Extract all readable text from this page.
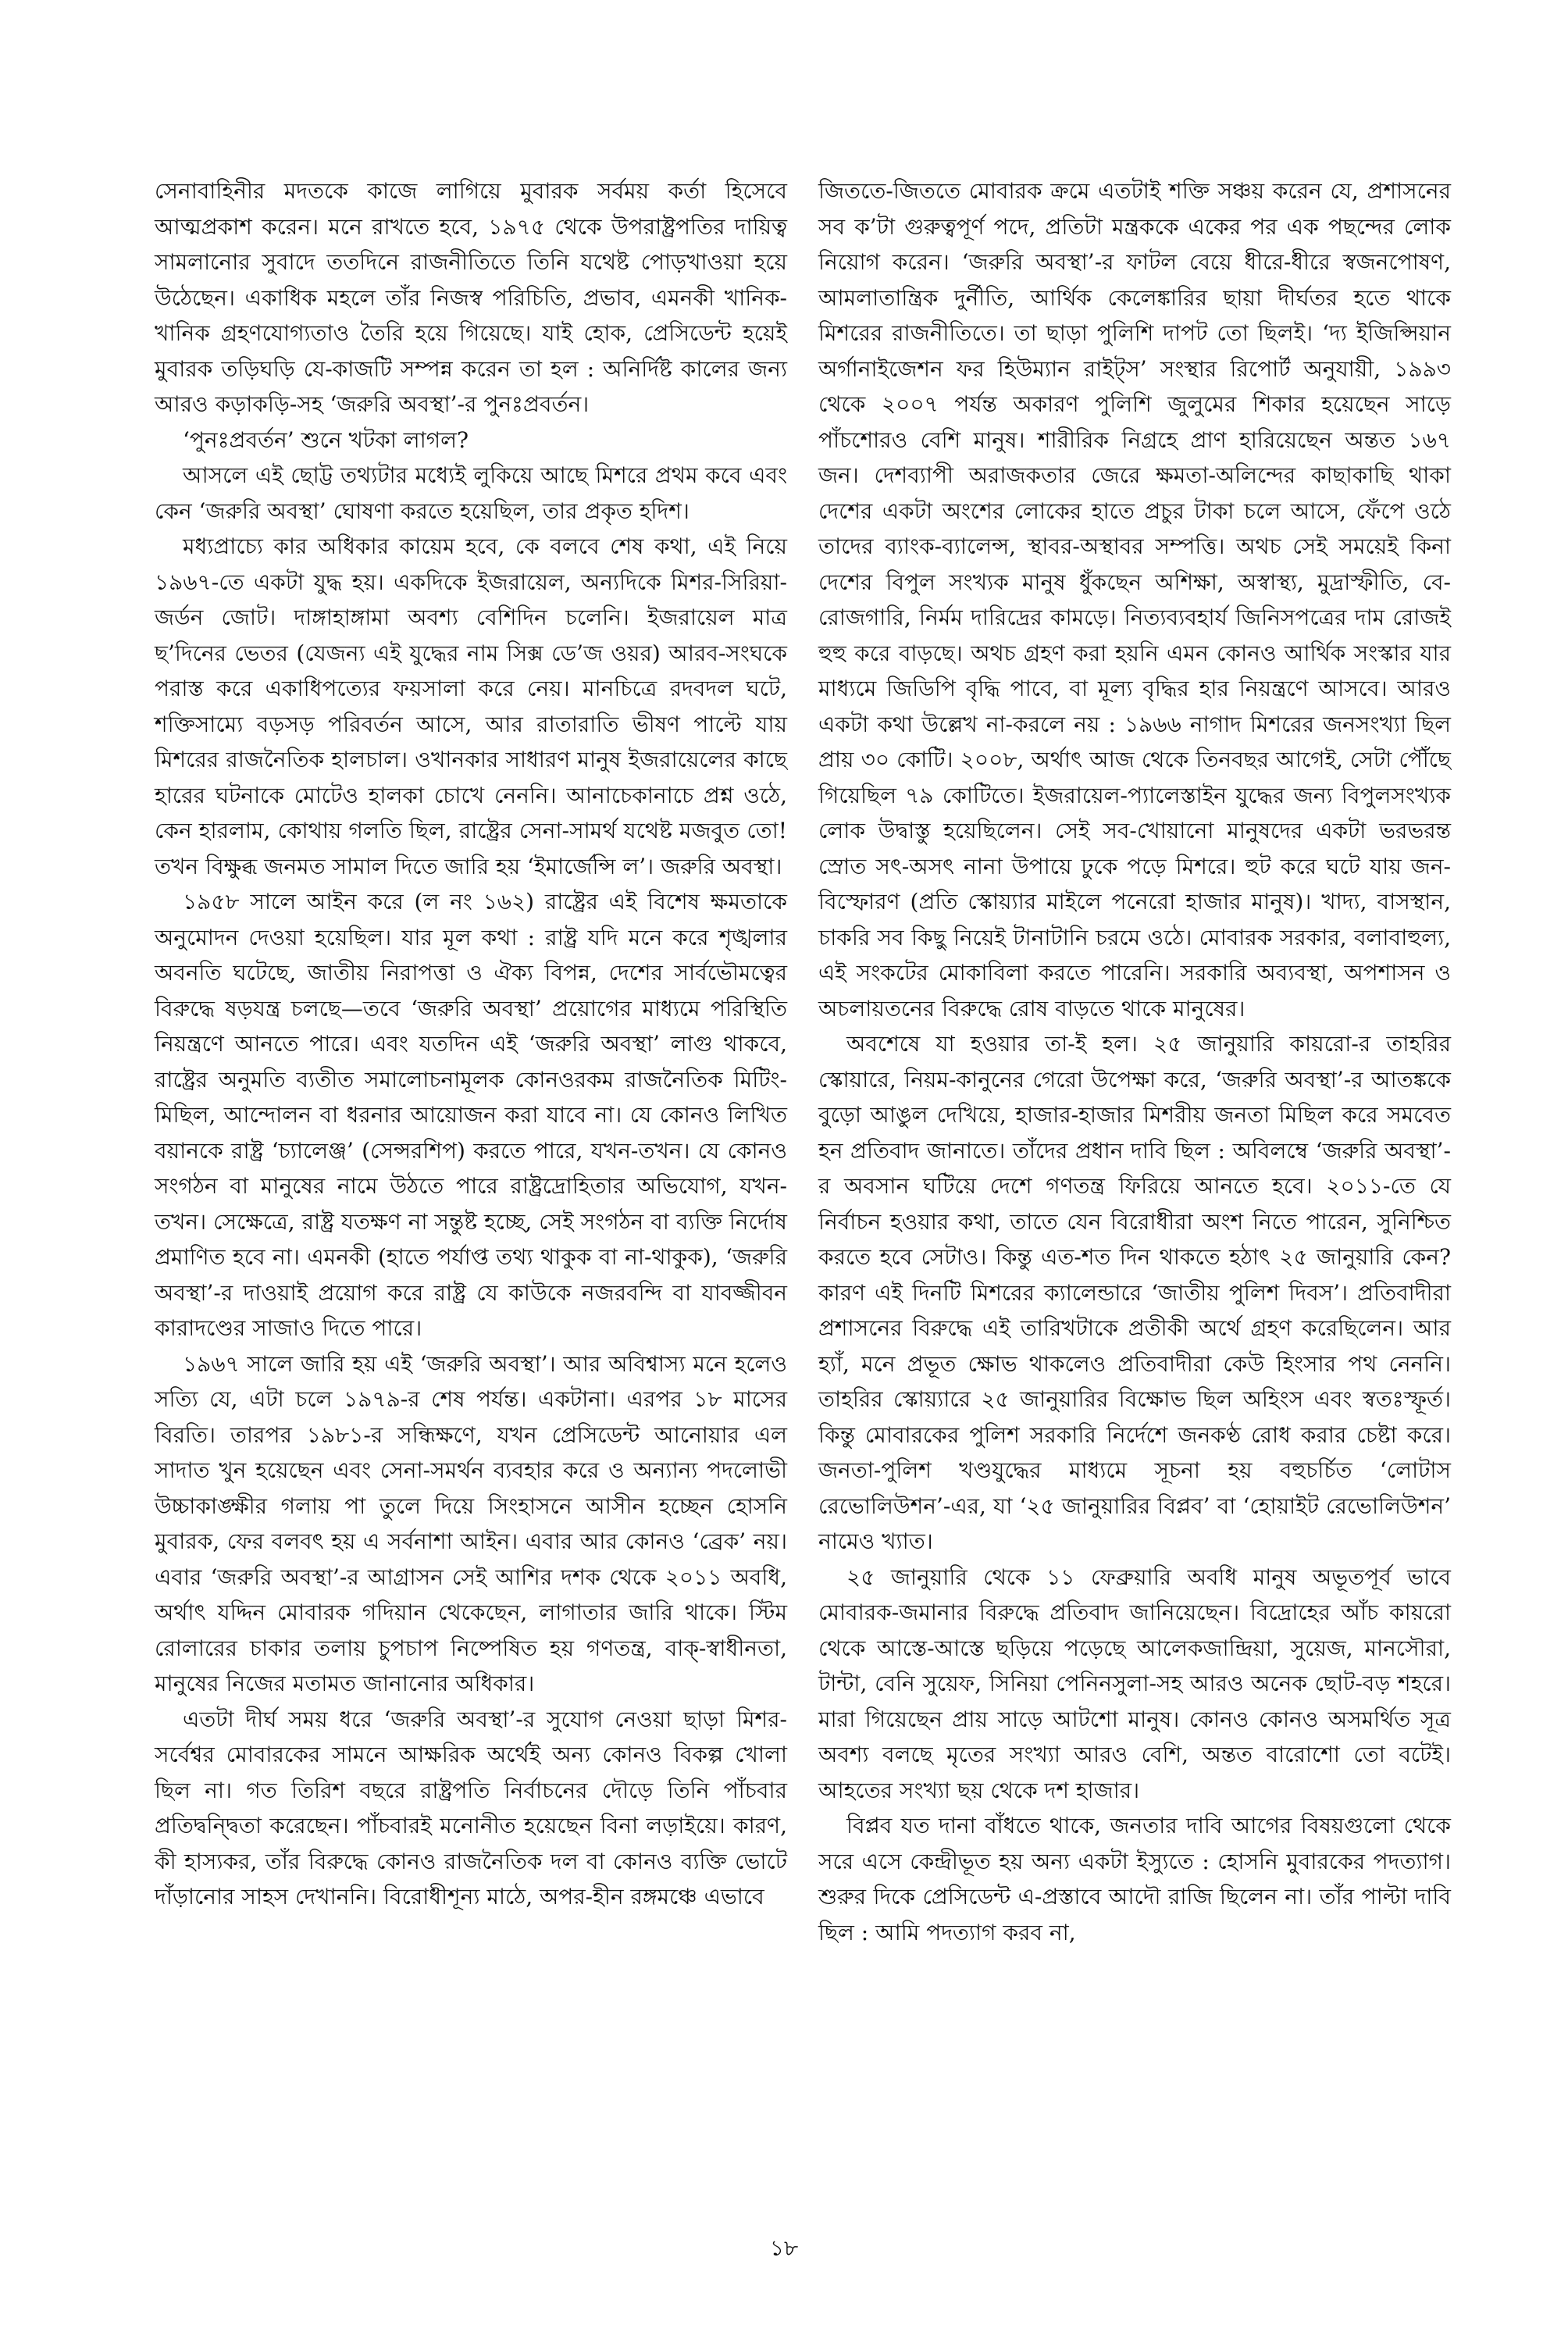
সেনাবাহিনীর মদতকে কাজে লাগিয়ে মুবারক সর্বময় কর্তা হিসেবে আত্মপ্রকাশ করেন। মনে রাখতে হবে, ১৯৭৫ থেকে উপরাষ্ট্রপতির দায়িত্ব সামলানোর সুবাদে ততদিনে রাজনীতিতে তিনি যথেষ্ট পোড়খাওয়া হয়ে উঠেছেন। একাধিক মহলে তাঁর নিজস্ব পরিচিতি, প্রভাব, এমনকী খানিক-খানিক গ্রহণযোগ্যতাও তৈরি হয়ে গিয়েছে। যাই হোক, প্রেসিডেন্ট হয়েই মুবারক তড়িঘড়ি যে-কাজটি সম্পন্ন করেন তা হল : অনির্দিষ্ট কালের জন্য আরও কড়াকড়ি-সহ ‘জরুরি অবস্থা’-র পুনঃপ্রবর্তন।

‘পুনঃপ্রবর্তন’ শুনে খটকা লাগল?

আসলে এই ছোট্ট তথ্যটার মধ্যেই লুকিয়ে আছে মিশরে প্রথম কবে এবং কেন ‘জরুরি অবস্থা’ ঘোষণা করতে হয়েছিল, তার প্রকৃত হদিশ।

মধ্যপ্রাচ্যে কার অধিকার কায়েম হবে, কে বলবে শেষ কথা, এই নিয়ে ১৯৬৭-তে একটা যুদ্ধ হয়। একদিকে ইজরায়েল, অন্যদিকে মিশর-সিরিয়া-জর্ডন জোট। দাঙ্গাহাঙ্গামা অবশ্য বেশিদিন চলেনি। ইজরায়েল মাত্র ছ’দিনের ভেতর (যেজন্য এই যুদ্ধের নাম সিক্স ডে’জ ওয়র) আরব-সংঘকে পরাস্ত করে একাধিপত্যের ফয়সালা করে নেয়। মানচিত্রে রদবদল ঘটে, শক্তিসাম্যে বড়সড় পরিবর্তন আসে, আর রাতারাতি ভীষণ পাল্টে যায় মিশরের রাজনৈতিক হালচাল। ওখানকার সাধারণ মানুষ ইজরায়েলের কাছে হারের ঘটনাকে মোটেও হালকা চোখে নেননি। আনাচেকানাচে প্রশ্ন ওঠে, কেন হারলাম, কোথায় গলতি ছিল, রাষ্ট্রের সেনা-সামর্থ যথেষ্ট মজবুত তো! তখন বিক্ষুব্ধ জনমত সামাল দিতে জারি হয় ‘ইমার্জেন্সি ল’। জরুরি অবস্থা।

১৯৫৮ সালে আইন করে (ল নং ১৬২) রাষ্ট্রের এই বিশেষ ক্ষমতাকে অনুমোদন দেওয়া হয়েছিল। যার মূল কথা : রাষ্ট্র যদি মনে করে শৃঙ্খলার অবনতি ঘটেছে, জাতীয় নিরাপত্তা ও ঐক্য বিপন্ন, দেশের সার্বভৌমত্বের বিরুদ্ধে ষড়যন্ত্র চলছে—তবে ‘জরুরি অবস্থা’ প্রয়োগের মাধ্যমে পরিস্থিতি নিয়ন্ত্রণে আনতে পারে। এবং যতদিন এই ‘জরুরি অবস্থা’ লাগু থাকবে, রাষ্ট্রের অনুমতি ব্যতীত সমালোচনামূলক কোনওরকম রাজনৈতিক মিটিং-মিছিল, আন্দোলন বা ধরনার আয়োজন করা যাবে না। যে কোনও লিখিত বয়ানকে রাষ্ট্র ‘চ্যালেঞ্জ’ (সেন্সরশিপ) করতে পারে, যখন-তখন। যে কোনও সংগঠন বা মানুষের নামে উঠতে পারে রাষ্ট্রদ্রোহিতার অভিযোগ, যখন-তখন। সেক্ষেত্রে, রাষ্ট্র যতক্ষণ না সন্তুষ্ট হচ্ছে, সেই সংগঠন বা ব্যক্তি নির্দোষ প্রমাণিত হবে না। এমনকী (হাতে পর্যাপ্ত তথ্য থাকুক বা না-থাকুক), ‘জরুরি অবস্থা’-র দাওয়াই প্রয়োগ করে রাষ্ট্র যে কাউকে নজরবন্দি বা যাবজ্জীবন কারাদণ্ডের সাজাও দিতে পারে।

১৯৬৭ সালে জারি হয় এই ‘জরুরি অবস্থা’। আর অবিশ্বাস্য মনে হলেও সত্যি যে, এটা চলে ১৯৭৯-র শেষ পর্যন্ত। একটানা। এরপর ১৮ মাসের বিরতি। তারপর ১৯৮১-র সন্ধিক্ষণে, যখন প্রেসিডেন্ট আনোয়ার এল সাদাত খুন হয়েছেন এবং সেনা-সমর্থন ব্যবহার করে ও অন্যান্য পদলোভী উচ্চাকাঙ্ক্ষীর গলায় পা তুলে দিয়ে সিংহাসনে আসীন হচ্ছেন হোসনি মুবারক, ফের বলবৎ হয় এ সর্বনাশা আইন। এবার আর কোনও ‘ব্রেক’ নয়। এবার ‘জরুরি অবস্থা’-র আগ্রাসন সেই আশির দশক থেকে ২০১১ অবধি, অর্থাৎ যদ্দিন মোবারক গদিয়ান থেকেছেন, লাগাতার জারি থাকে। স্টিম রোলারের চাকার তলায় চুপচাপ নিষ্পেষিত হয় গণতন্ত্র, বাক্-স্বাধীনতা, মানুষের নিজের মতামত জানানোর অধিকার।

এতটা দীর্ঘ সময় ধরে ‘জরুরি অবস্থা’-র সুযোগ নেওয়া ছাড়া মিশর-সর্বেশ্বর মোবারকের সামনে আক্ষরিক অর্থেই অন্য কোনও বিকল্প খোলা ছিল না। গত তিরিশ বছরে রাষ্ট্রপতি নির্বাচনের দৌড়ে তিনি পাঁচবার প্রতিদ্বন্দ্বিতা করেছেন। পাঁচবারই মনোনীত হয়েছেন বিনা লড়াইয়ে। কারণ, কী হাস্যকর, তাঁর বিরুদ্ধে কোনও রাজনৈতিক দল বা কোনও ব্যক্তি ভোটে দাঁড়ানোর সাহস দেখাননি। বিরোধীশূন্য মাঠে, অপর-হীন রঙ্গমঞ্চে এভাবে

জিততে-জিততে মোবারক ক্রমে এতটাই শক্তি সঞ্চয় করেন যে, প্রশাসনের সব ক’টা গুরুত্বপূর্ণ পদে, প্রতিটা মন্ত্রককে একের পর এক পছন্দের লোক নিয়োগ করেন। ‘জরুরি অবস্থা’-র ফাটল বেয়ে ধীরে-ধীরে স্বজনপোষণ, আমলাতান্ত্রিক দুর্নীতি, আর্থিক কেলেঙ্কারির ছায়া দীর্ঘতর হতে থাকে মিশরের রাজনীতিতে। তা ছাড়া পুলিশি দাপট তো ছিলই। ‘দ্য ইজিপ্সিয়ান অর্গানাইজেশন ফর হিউম্যান রাইট্স’ সংস্থার রিপোর্ট অনুযায়ী, ১৯৯৩ থেকে ২০০৭ পর্যন্ত অকারণ পুলিশি জুলুমের শিকার হয়েছেন সাড়ে পাঁচশোরও বেশি মানুষ। শারীরিক নিগ্রহে প্রাণ হারিয়েছেন অন্তত ১৬৭ জন। দেশব্যাপী অরাজকতার জেরে ক্ষমতা-অলিন্দের কাছাকাছি থাকা দেশের একটা অংশের লোকের হাতে প্রচুর টাকা চলে আসে, ফেঁপে ওঠে তাদের ব্যাংক-ব্যালেন্স, স্থাবর-অস্থাবর সম্পত্তি। অথচ সেই সময়েই কিনা দেশের বিপুল সংখ্যক মানুষ ধুঁকছেন অশিক্ষা, অস্বাস্থ্য, মুদ্রাস্ফীতি, বে-রোজগারি, নির্মম দারিদ্রের কামড়ে। নিত্যব্যবহার্য জিনিসপত্রের দাম রোজই হুহু করে বাড়ছে। অথচ গ্রহণ করা হয়নি এমন কোনও আর্থিক সংস্কার যার মাধ্যমে জিডিপি বৃদ্ধি পাবে, বা মূল্য বৃদ্ধির হার নিয়ন্ত্রণে আসবে। আরও একটা কথা উল্লেখ না-করলে নয় : ১৯৬৬ নাগাদ মিশরের জনসংখ্যা ছিল প্রায় ৩০ কোটি। ২০০৮, অর্থাৎ আজ থেকে তিনবছর আগেই, সেটা পৌঁছে গিয়েছিল ৭৯ কোটিতে। ইজরায়েল-প্যালেস্তাইন যুদ্ধের জন্য বিপুলসংখ্যক লোক উদ্বাস্তু হয়েছিলেন। সেই সব-খোয়ানো মানুষদের একটা ভরভরন্ত স্রোত সৎ-অসৎ নানা উপায়ে ঢুকে পড়ে মিশরে। হুট করে ঘটে যায় জন-বিস্ফোরণ (প্রতি স্কোয়্যার মাইলে পনেরো হাজার মানুষ)। খাদ্য, বাসস্থান, চাকরি সব কিছু নিয়েই টানাটানি চরমে ওঠে। মোবারক সরকার, বলাবাহুল্য, এই সংকটের মোকাবিলা করতে পারেনি। সরকারি অব্যবস্থা, অপশাসন ও অচলায়তনের বিরুদ্ধে রোষ বাড়তে থাকে মানুষের।

অবশেষে যা হওয়ার তা-ই হল। ২৫ জানুয়ারি কায়রো-র তাহরির স্কোয়ারে, নিয়ম-কানুনের গেরো উপেক্ষা করে, ‘জরুরি অবস্থা’-র আতঙ্ককে বুড়ো আঙুল দেখিয়ে, হাজার-হাজার মিশরীয় জনতা মিছিল করে সমবেত হন প্রতিবাদ জানাতে। তাঁদের প্রধান দাবি ছিল : অবিলম্বে ‘জরুরি অবস্থা’-র অবসান ঘটিয়ে দেশে গণতন্ত্র ফিরিয়ে আনতে হবে। ২০১১-তে যে নির্বাচন হওয়ার কথা, তাতে যেন বিরোধীরা অংশ নিতে পারেন, সুনিশ্চিত করতে হবে সেটাও। কিন্তু এত-শত দিন থাকতে হঠাৎ ২৫ জানুয়ারি কেন? কারণ এই দিনটি মিশরের ক্যালেন্ডারে ‘জাতীয় পুলিশ দিবস’। প্রতিবাদীরা প্রশাসনের বিরুদ্ধে এই তারিখটাকে প্রতীকী অর্থে গ্রহণ করেছিলেন। আর হ্যাঁ, মনে প্রভূত ক্ষোভ থাকলেও প্রতিবাদীরা কেউ হিংসার পথ নেননি। তাহরির স্কোয়্যারে ২৫ জানুয়ারির বিক্ষোভ ছিল অহিংস এবং স্বতঃস্ফূর্ত। কিন্তু মোবারকের পুলিশ সরকারি নির্দেশে জনকণ্ঠ রোধ করার চেষ্টা করে। জনতা-পুলিশ খণ্ডযুদ্ধের মাধ্যমে সূচনা হয় বহুচর্চিত ‘লোটাস রেভোলিউশন’-এর, যা ‘২৫ জানুয়ারির বিপ্লব’ বা ‘হোয়াইট রেভোলিউশন’ নামেও খ্যাত।

২৫ জানুয়ারি থেকে ১১ ফেব্রুয়ারি অবধি মানুষ অভূতপূর্ব ভাবে মোবারক-জমানার বিরুদ্ধে প্রতিবাদ জানিয়েছেন। বিদ্রোহের আঁচ কায়রো থেকে আস্তে-আস্তে ছড়িয়ে পড়েছে আলেকজান্দ্রিয়া, সুয়েজ, মানসৌরা, টান্টা, বেনি সুয়েফ, সিনিয়া পেনিনসুলা-সহ আরও অনেক ছোট-বড় শহরে। মারা গিয়েছেন প্রায় সাড়ে আটশো মানুষ। কোনও কোনও অসমর্থিত সূত্র অবশ্য বলছে মৃতের সংখ্যা আরও বেশি, অন্তত বারোশো তো বটেই। আহতের সংখ্যা ছয় থেকে দশ হাজার।

বিপ্লব যত দানা বাঁধতে থাকে, জনতার দাবি আগের বিষয়গুলো থেকে সরে এসে কেন্দ্রীভূত হয় অন্য একটা ইস্যুতে : হোসনি মুবারকের পদত্যাগ। শুরুর দিকে প্রেসিডেন্ট এ-প্রস্তাবে আদৌ রাজি ছিলেন না। তাঁর পাল্টা দাবি ছিল : আমি পদত্যাগ করব না,

১৮
